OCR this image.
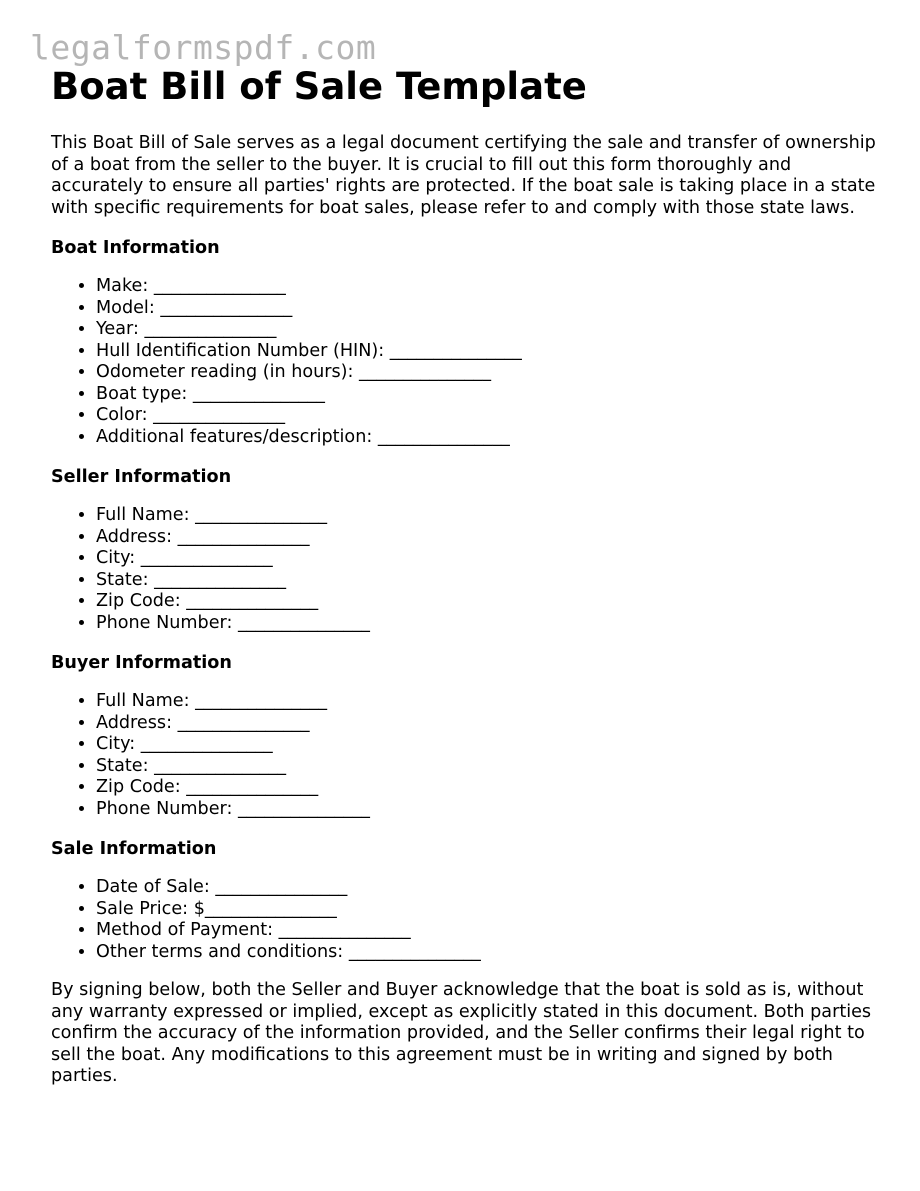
legalformspdf.com
Boat Bill of Sale Template

This Boat Bill of Sale serves as a legal document certifying the sale and transfer of ownership of a boat from the seller to the buyer. It is crucial to fill out this form thoroughly and accurately to ensure all parties' rights are protected. If the boat sale is taking place in a state with specific requirements for boat sales, please refer to and comply with those state laws.

Boat Information
• Make: _______________
• Model: _______________
• Year: _______________
• Hull Identification Number (HIN): _______________
• Odometer reading (in hours): _______________
• Boat type: _______________
• Color: _______________
• Additional features/description: _______________
Seller Information
• Full Name: _______________
• Address: _______________
• City: _______________
• State: _______________
• Zip Code: _______________
• Phone Number: _______________
Buyer Information
• Full Name: _______________
• Address: _______________
• City: _______________
• State: _______________
• Zip Code: _______________
• Phone Number: _______________
Sale Information
• Date of Sale: _______________
• Sale Price: $_______________
• Method of Payment: _______________
• Other terms and conditions: _______________

By signing below, both the Seller and Buyer acknowledge that the boat is sold as is, without any warranty expressed or implied, except as explicitly stated in this document. Both parties confirm the accuracy of the information provided, and the Seller confirms their legal right to sell the boat. Any modifications to this agreement must be in writing and signed by both parties.
